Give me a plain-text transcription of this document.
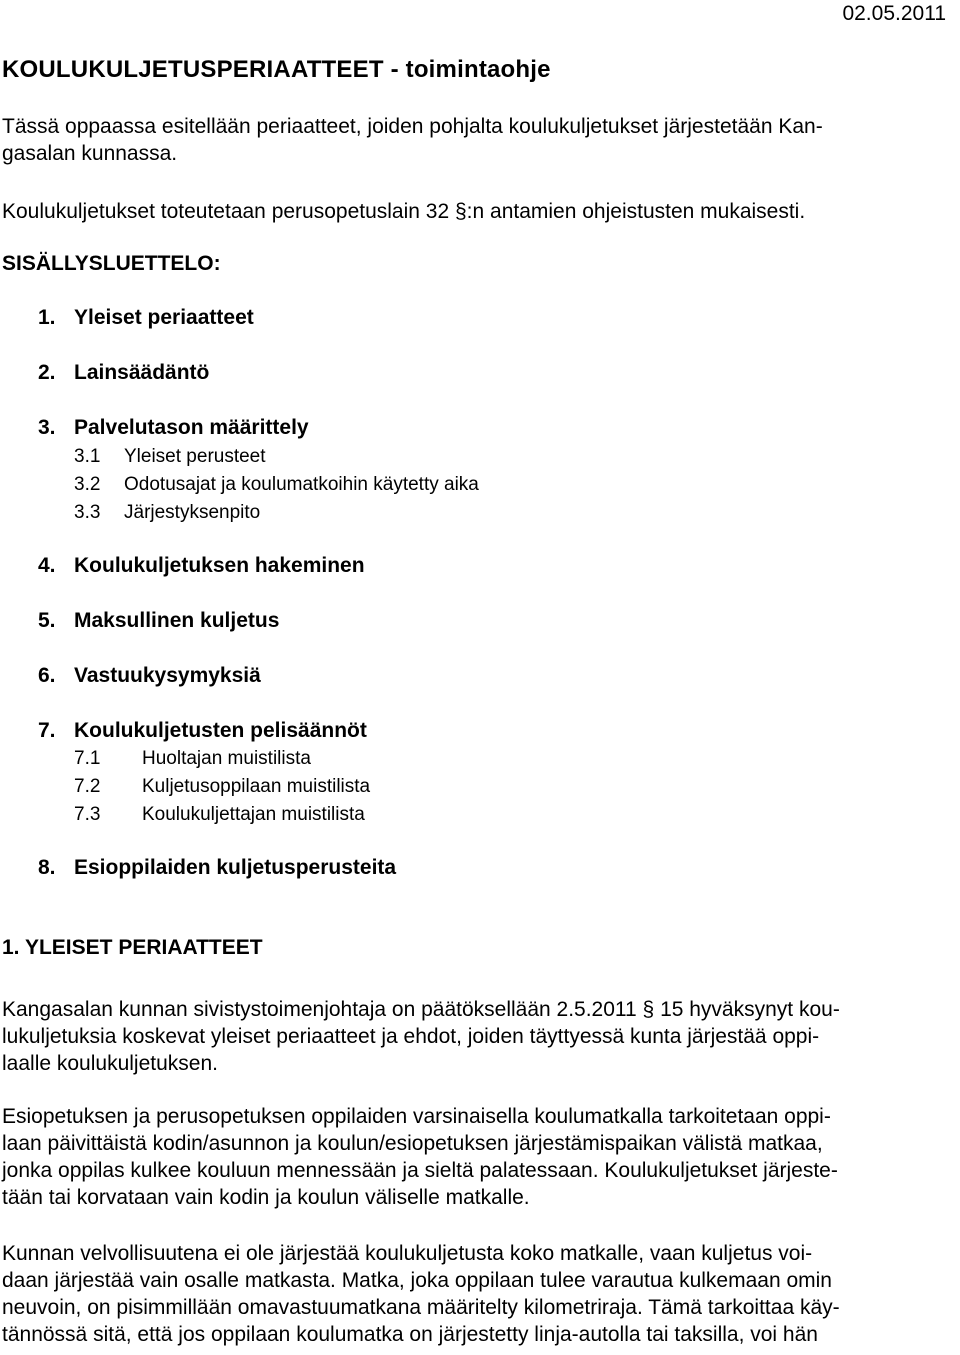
02.05.2011
KOULUKULJETUSPERIAATTEET - toimintaohje
Tässä oppaassa esitellään periaatteet, joiden pohjalta koulukuljetukset järjestetään Kan-
gasalan kunnassa.
Koulukuljetukset toteutetaan perusopetuslain 32 §:n antamien ohjeistusten mukaisesti.
SISÄLLYSLUETTELO:
1. Yleiset periaatteet
2. Lainsäädäntö
3. Palvelutason määrittely
3.1 Yleiset perusteet
3.2 Odotusajat ja koulumatkoihin käytetty aika
3.3 Järjestyksenpito
4. Koulukuljetuksen hakeminen
5. Maksullinen kuljetus
6. Vastuukysymyksiä
7. Koulukuljetusten pelisäännöt
7.1 Huoltajan muistilista
7.2 Kuljetusoppilaan muistilista
7.3 Koulukuljettajan muistilista
8. Esioppilaiden kuljetusperusteita
1. YLEISET PERIAATTEET
Kangasalan kunnan sivistystoimenjohtaja on päätöksellään 2.5.2011 § 15 hyväksynyt kou-
lukuljetuksia koskevat yleiset periaatteet ja ehdot, joiden täyttyessä kunta järjestää oppi-
laalle koulukuljetuksen.
Esiopetuksen ja perusopetuksen oppilaiden varsinaisella koulumatkalla tarkoitetaan oppi-
laan päivittäistä kodin/asunnon ja koulun/esiopetuksen järjestämispaikan välistä matkaa,
jonka oppilas kulkee kouluun mennessään ja sieltä palatessaan. Koulukuljetukset järjeste-
tään tai korvataan vain kodin ja koulun väliselle matkalle.
Kunnan velvollisuutena ei ole järjestää koulukuljetusta koko matkalle, vaan kuljetus voi-
daan järjestää vain osalle matkasta. Matka, joka oppilaan tulee varautua kulkemaan omin
neuvoin, on pisimmillään omavastuumatkana määritelty kilometriraja. Tämä tarkoittaa käy-
tännössä sitä, että jos oppilaan koulumatka on järjestetty linja-autolla tai taksilla, voi hän
